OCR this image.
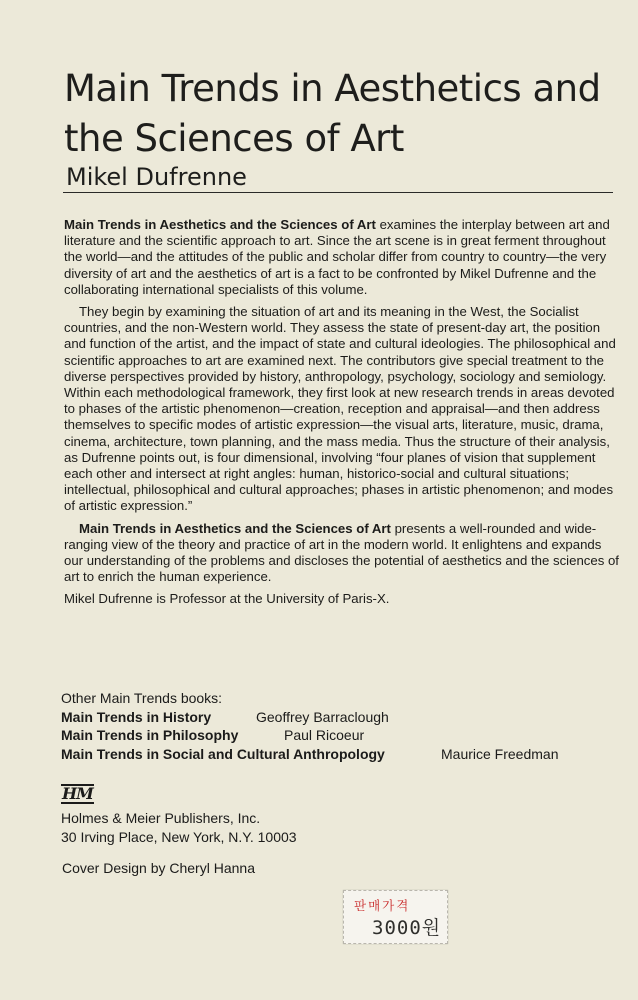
Main Trends in Aesthetics and
the Sciences of Art
Mikel Dufrenne

Main Trends in Aesthetics and the Sciences of Art examines the interplay between art and literature and the scientific approach to art. Since the art scene is in great ferment throughout the world—and the attitudes of the public and scholar differ from country to country—the very diversity of art and the aesthetics of art is a fact to be confronted by Mikel Dufrenne and the collaborating international specialists of this volume.

They begin by examining the situation of art and its meaning in the West, the Socialist countries, and the non-Western world. They assess the state of present-day art, the position and function of the artist, and the impact of state and cultural ideologies. The philosophical and scientific approaches to art are examined next. The contributors give special treatment to the diverse perspectives provided by history, anthropology, psychology, sociology and semiology. Within each methodological framework, they first look at new research trends in areas devoted to phases of the artistic phenomenon—creation, reception and appraisal—and then address themselves to specific modes of artistic expression—the visual arts, literature, music, drama, cinema, architecture, town planning, and the mass media. Thus the structure of their analysis, as Dufrenne points out, is four dimensional, involving “four planes of vision that supplement each other and intersect at right angles: human, historico-social and cultural situations; intellectual, philosophical and cultural approaches; phases in artistic phenomenon; and modes of artistic expression.”

Main Trends in Aesthetics and the Sciences of Art presents a well-rounded and wide-ranging view of the theory and practice of art in the modern world. It enlightens and expands our understanding of the problems and discloses the potential of aesthetics and the sciences of art to enrich the human experience.

Mikel Dufrenne is Professor at the University of Paris-X.

Other Main Trends books:
Main Trends in History	Geoffrey Barraclough
Main Trends in Philosophy	Paul Ricoeur
Main Trends in Social and Cultural Anthropology	Maurice Freedman
HM
Holmes & Meier Publishers, Inc.
30 Irving Place, New York, N.Y. 10003
Cover Design by Cheryl Hanna
판매가격
3000원
